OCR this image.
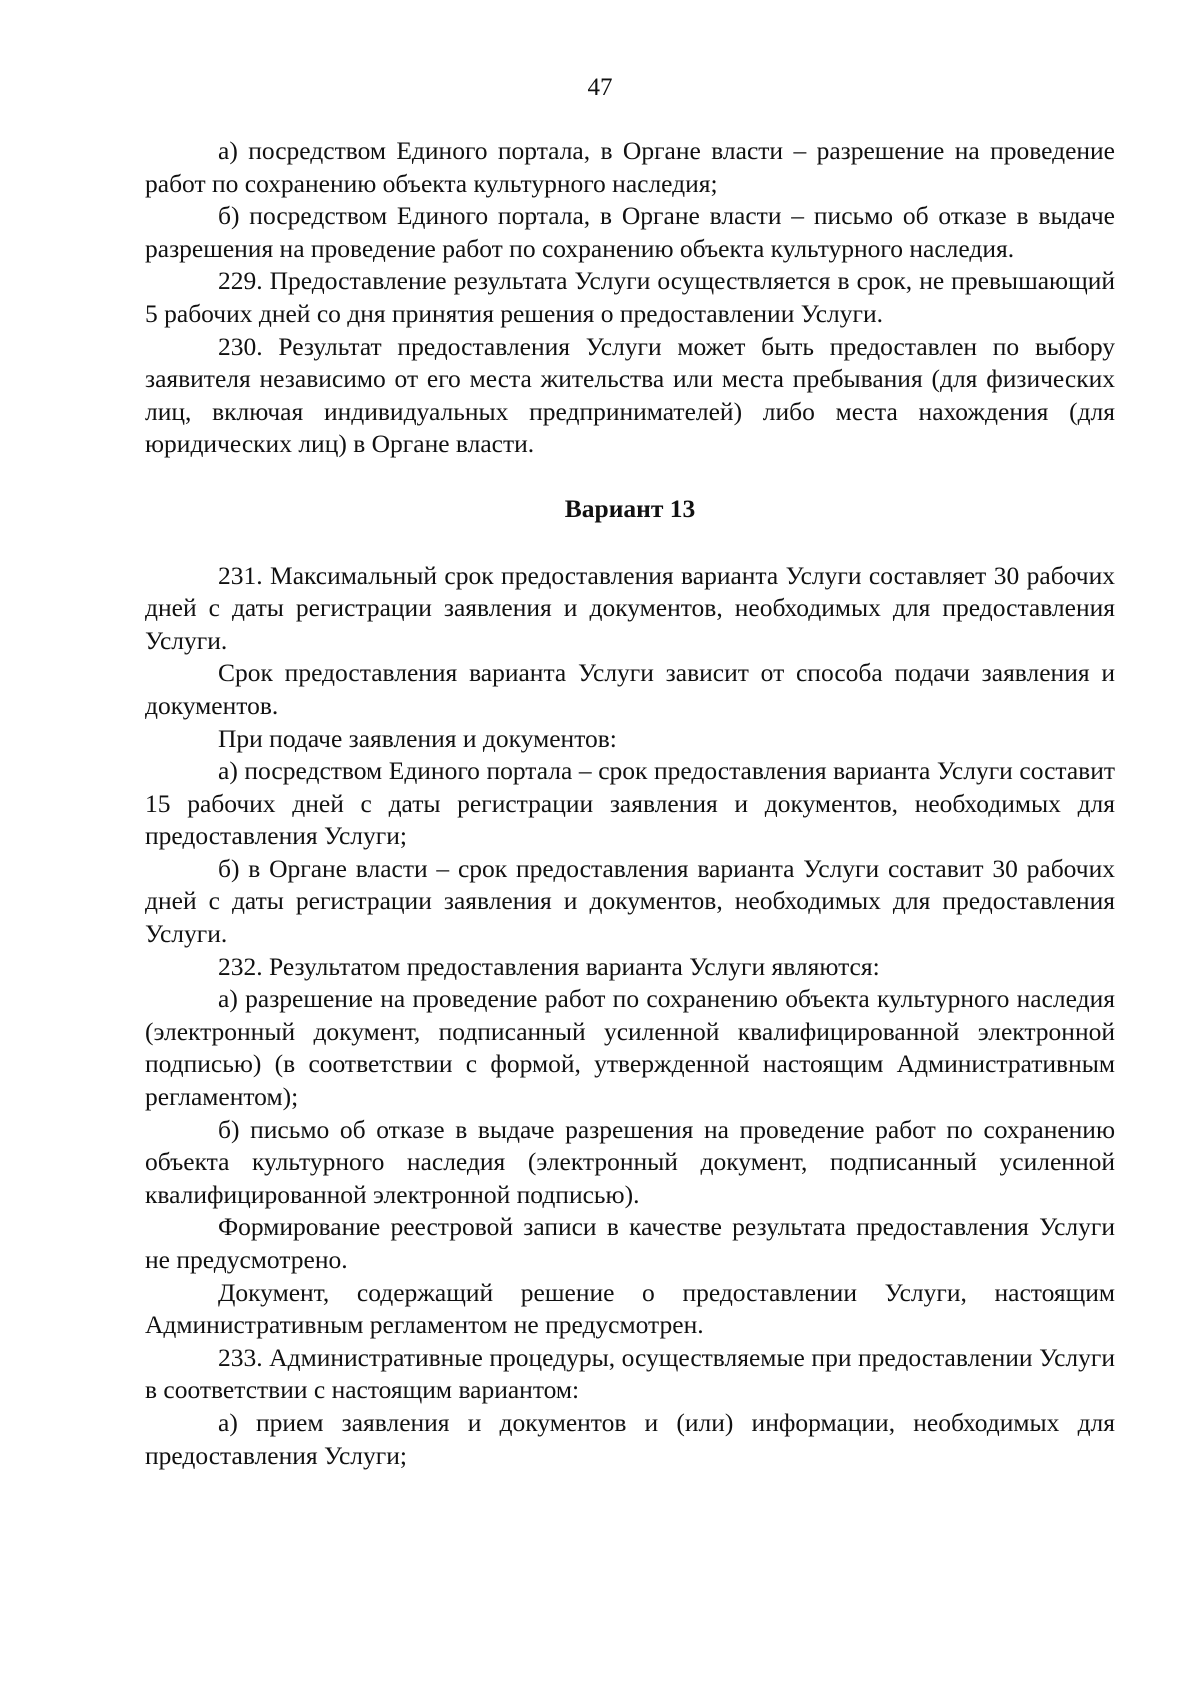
47

а) посредством Единого портала, в Органе власти – разрешение на проведение работ по сохранению объекта культурного наследия;

б) посредством Единого портала, в Органе власти – письмо об отказе в выдаче разрешения на проведение работ по сохранению объекта культурного наследия.

229. Предоставление результата Услуги осуществляется в срок, не превышающий 5 рабочих дней со дня принятия решения о предоставлении Услуги.

230. Результат предоставления Услуги может быть предоставлен по выбору заявителя независимо от его места жительства или места пребывания (для физических лиц, включая индивидуальных предпринимателей) либо места нахождения (для юридических лиц) в Органе власти.

Вариант 13

231. Максимальный срок предоставления варианта Услуги составляет 30 рабочих дней с даты регистрации заявления и документов, необходимых для предоставления Услуги.

Срок предоставления варианта Услуги зависит от способа подачи заявления и документов.

При подаче заявления и документов:

а) посредством Единого портала – срок предоставления варианта Услуги составит 15 рабочих дней с даты регистрации заявления и документов, необходимых для предоставления Услуги;

б) в Органе власти – срок предоставления варианта Услуги составит 30 рабочих дней с даты регистрации заявления и документов, необходимых для предоставления Услуги.

232. Результатом предоставления варианта Услуги являются:

а) разрешение на проведение работ по сохранению объекта культурного наследия (электронный документ, подписанный усиленной квалифицированной электронной подписью) (в соответствии с формой, утвержденной настоящим Административным регламентом);

б) письмо об отказе в выдаче разрешения на проведение работ по сохранению объекта культурного наследия (электронный документ, подписанный усиленной квалифицированной электронной подписью).

Формирование реестровой записи в качестве результата предоставления Услуги не предусмотрено.

Документ, содержащий решение о предоставлении Услуги, настоящим Административным регламентом не предусмотрен.

233. Административные процедуры, осуществляемые при предоставлении Услуги в соответствии с настоящим вариантом:

а) прием заявления и документов и (или) информации, необходимых для предоставления Услуги;
